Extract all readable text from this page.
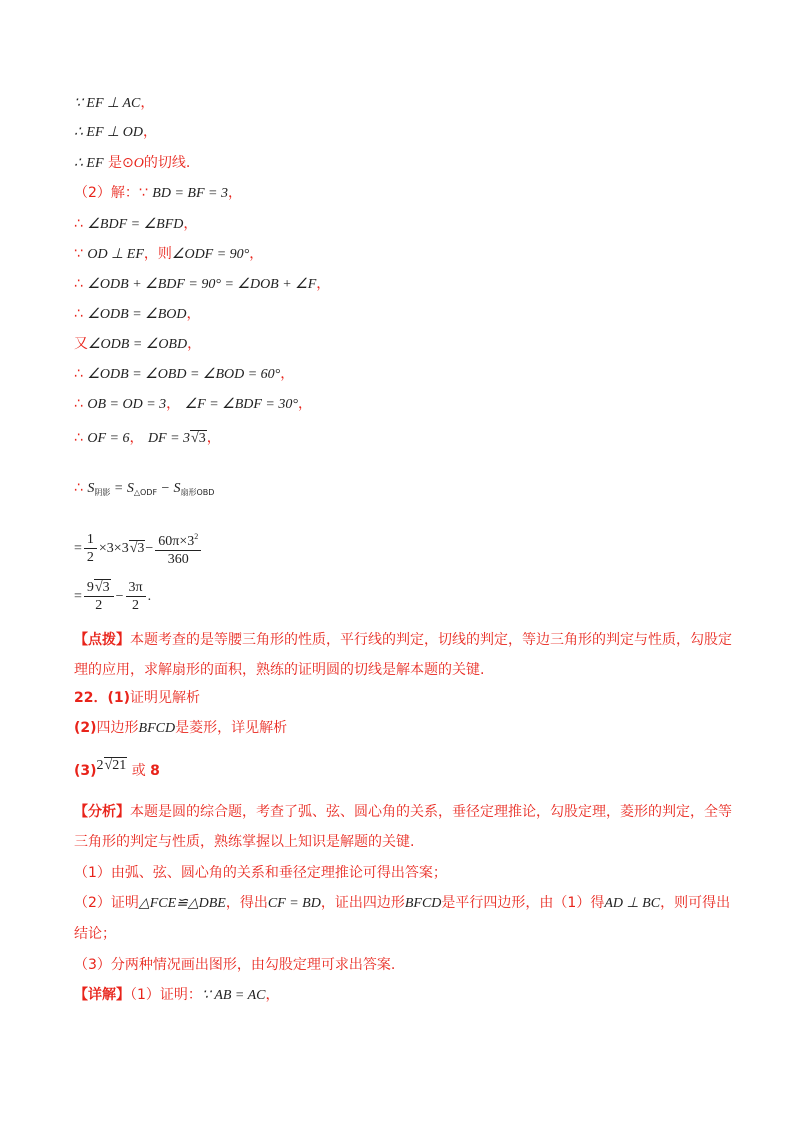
∵ EF ⊥ AC，
∴ EF ⊥ OD，
∴ EF 是⊙O的切线.
（2）解：∵ BD = BF = 3，
∴ ∠BDF = ∠BFD，
∵ OD ⊥ EF，则∠ODF = 90°，
∴ ∠ODB + ∠BDF = 90° = ∠DOB + ∠F，
∴ ∠ODB = ∠BOD，
又∠ODB = ∠OBD，
∴ ∠ODB = ∠OBD = ∠BOD = 60°，
∴ OB = OD = 3， ∠F = ∠BDF = 30°，
∴ OF = 6， DF = 3√3，
∴ $S_{阴影} = S_{\triangle ODF} - S_{扇形OBD}$
= $\frac{1}{2} \times 3\times 3√3- \frac{60\pi\times 3^2}{360}$
= $\frac{9√3}{2} - \frac{3\pi}{2}$ .
【点拨】本题考查的是等腰三角形的性质，平行线的判定，切线的判定，等边三角形的判定与性质，勾股定理的应用，求解扇形的面积，熟练的证明圆的切线是解本题的关键.
22．(1)证明见解析
(2)四边形BFCD是菱形，详见解析
(3)2√21 或 8
【分析】本题是圆的综合题，考查了弧、弦、圆心角的关系，垂径定理推论，勾股定理，菱形的判定，全等三角形的判定与性质，熟练掌握以上知识是解题的关键.
（1）由弧、弦、圆心角的关系和垂径定理推论可得出答案；
（2）证明△FCE≌△DBE，得出CF = BD，证出四边形BFCD是平行四边形，由（1）得AD ⊥ BC，则可得出结论；
（3）分两种情况画出图形，由勾股定理可求出答案.
【详解】（1）证明：∵ AB = AC，
